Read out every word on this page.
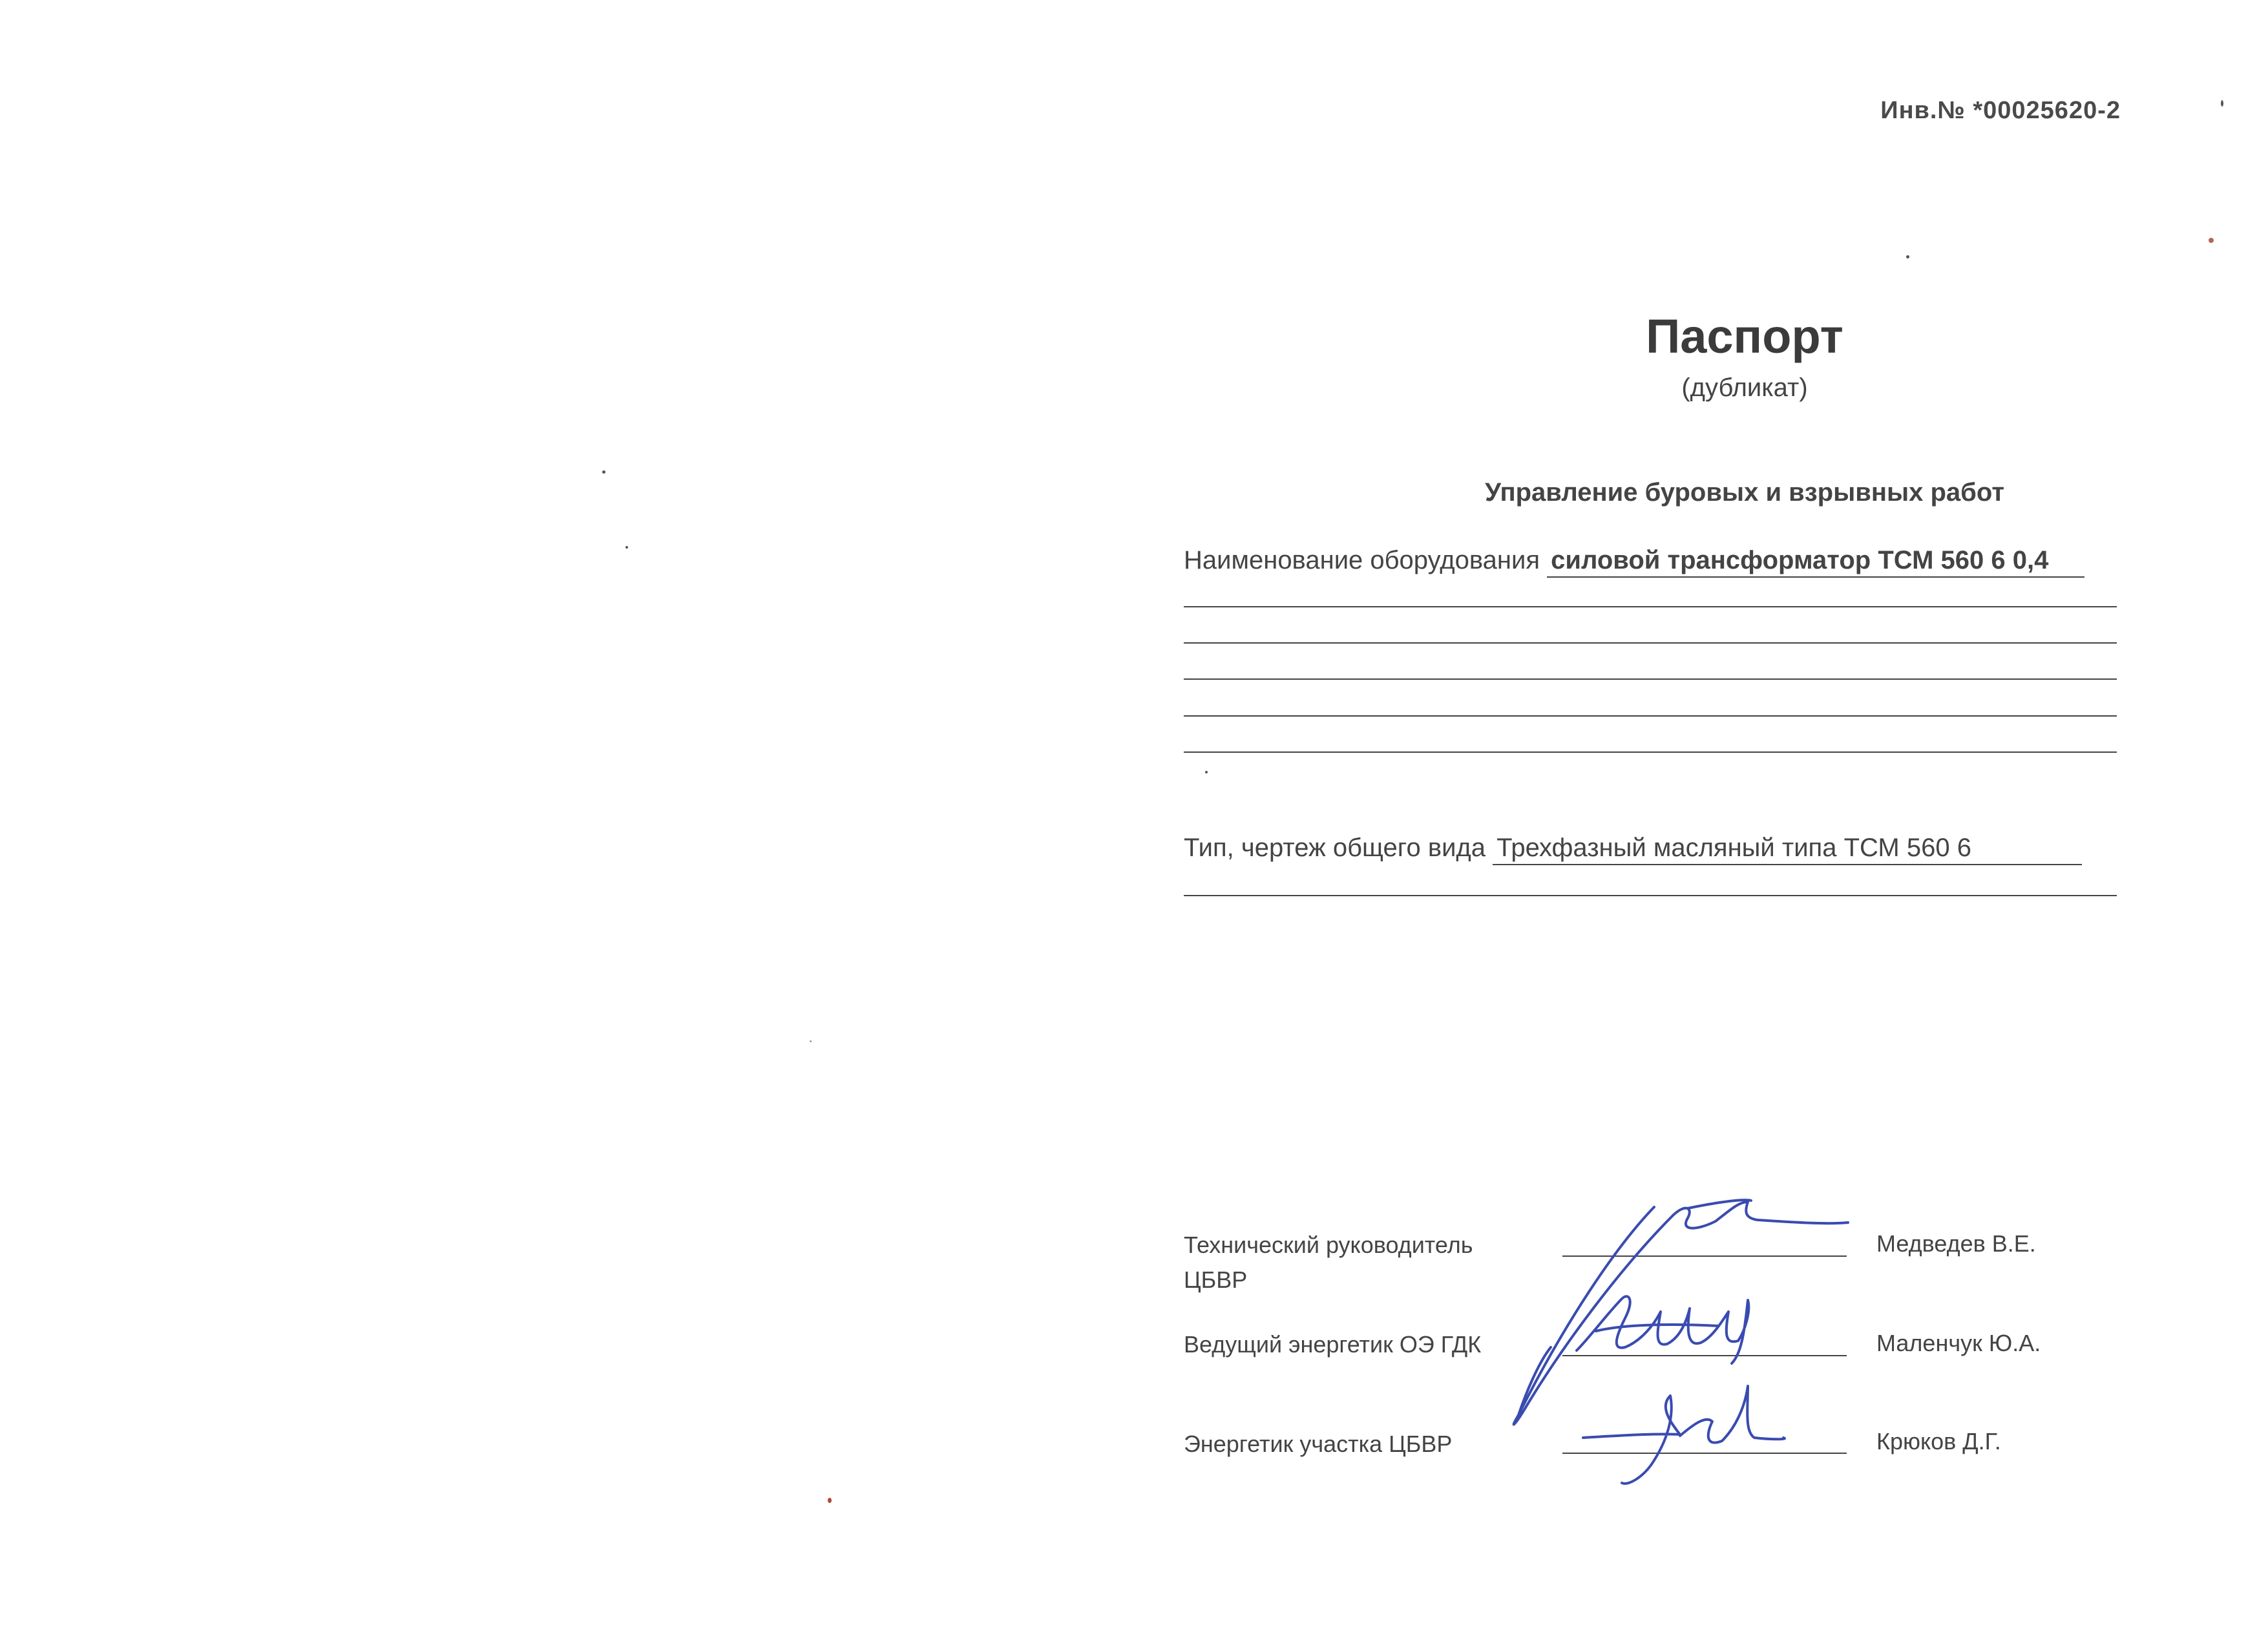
Инв.№ *00025620-2
Паспорт
(дубликат)
Управление буровых и взрывных работ
Наименование оборудования силовой трансформатор ТСМ 560 6 0,4
Тип, чертеж общего вида Трехфазный масляный типа ТСМ 560 6
Технический руководитель
ЦБВР
Медведев В.Е.
Ведущий энергетик ОЭ ГДК	Маленчук Ю.А.
Энергетик участка ЦБВР	Крюков Д.Г.
